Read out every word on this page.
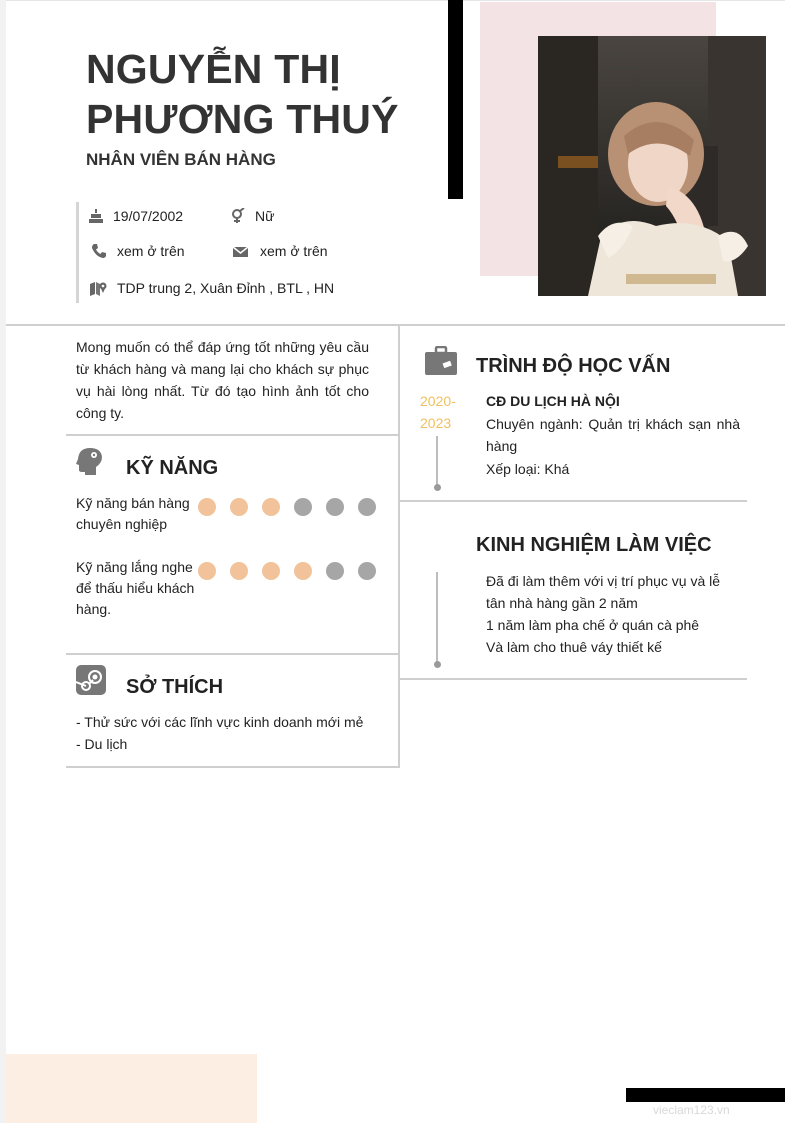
NGUYỄN THỊ
PHƯƠNG THUÝ
NHÂN VIÊN BÁN HÀNG
19/07/2002	Nữ
xem ở trên	xem ở trên
TDP trung 2, Xuân Đỉnh , BTL , HN
Mong muốn có thể đáp ứng tốt những yêu cầu từ khách hàng và mang lại cho khách sự phục vụ hài lòng nhất. Từ đó tạo hình ảnh tốt cho công ty.
KỸ NĂNG
Kỹ năng bán hàng chuyên nghiệp
Kỹ năng lắng nghe để thấu hiểu khách hàng.
SỞ THÍCH
- Thử sức với các lĩnh vực kinh doanh mới mẻ
- Du lịch
TRÌNH ĐỘ HỌC VẤN
2020-
2023
CĐ DU LỊCH HÀ NỘI
Chuyên ngành: Quản trị khách sạn nhà hàng
Xếp loại: Khá
KINH NGHIỆM LÀM VIỆC
Đã đi làm thêm với vị trí phục vụ và lễ tân nhà hàng gần 2 năm
1 năm làm pha chế ở quán cà phê
Và làm cho thuê váy thiết kế
vieclam123.vn
